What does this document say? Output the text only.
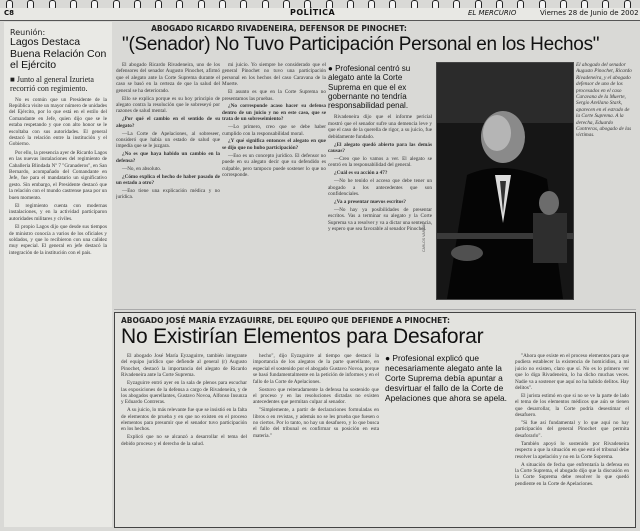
C8	POLÍTICA	EL MERCURIO	Viernes 28 de Junio de 2002
Reunión:
Lagos Destaca Buena Relación Con el Ejército
■ Junto al general Izurieta recorrió con regimiento.

No es común que un Presidente de la República visite un mayor número de unidades del Ejército, por lo que está en el estilo del Comandante en Jefe, quien dijo que se le estaba respetando y que con alto honor se le escoltaba con sus autoridades. El general destacó la relación entre la institución y el Gobierno.

Por ello, la presencia ayer de Ricardo Lagos en las nuevas instalaciones del regimiento de Caballería Blindada Nº 7 "Granaderos", en San Bernardo, acompañado del Comandante en Jefe, fue para el mandatario un significativo gesto. Sin embargo, el Presidente destacó que la relación con el mundo castrense pasa por un buen momento.

El regimiento cuenta con modernas instalaciones, y en la actividad participaron autoridades militares y civiles.

El propio Lagos dijo que desde sus tiempos de ministro conocía a varios de los oficiales y soldados, y que lo recibieron con una calidez muy especial. El general en jefe destacó la integración de la institución con el país.

ABOGADO RICARDO RIVADENEIRA, DEFENSOR DE PINOCHET:
"(Senador) No Tuvo Participación Personal en los Hechos"

El abogado Ricardo Rivadeneira, uno de los defensores del senador Augusto Pinochet, afirmó que el alegato ante la Corte Suprema durante el caso se basó en la certeza de que la salud del general se ha deteriorado.

Ello se explica porque es su hoy principio de alegato contra la resolución que le sobreseyó por razones de salud mental.

¿Por qué el cambio en el sentido de su alegato?

—La Corte de Apelaciones, al sobreseer, consideró que había un estado de salud que impedía que se le juzgara.

¿No es que haya habido un cambio en la defensa?

—No, en absoluto.

¿Cómo explica el hecho de haber pasado de un estado a otro?

—Eso tiene una explicación médica y no jurídica.

mi juicio. Yo siempre he considerado que el general Pinochet no tuvo una participación personal en los hechos del caso Caravana de la Muerte.

El asunto es que en la Corte Suprema no presentamos las pruebas.

¿No corresponde acaso hacer su defensa dentro de un juicio y no en este caso, que se trata de un sobreseimiento?

—Lo primero, creo que se debe haber cumplido con la responsabilidad moral.

¿Y qué significa entonces el alegato en que se dijo que no hubo participación?

—Eso es un concepto jurídico. El defensor no puede en su alegato decir que su defendido es culpable, pero tampoco puede sostener lo que no corresponde.

● Profesional centró su alegato ante la Corte Suprema en que el ex gobernante no tendría responsabilidad penal.

Rivadeneira dijo que el informe pericial mostró que el senador sufre una demencia leve y que el caso de la querella de rigor, a su juicio, fue debidamente fundado.

¿El alegato quedó abierto para las demás causas?

—Creo que lo vamos a ver. El alegato se centró en la responsabilidad del general.

¿Cuál es su acción a 47?

—No he tenido el acceso que debe tener un abogado a los antecedentes que son confidenciales.

¿Va a presentar nuevos escritos?

—No hay ya posibilidades de presentar escritos. Vas a terminar su alegato y la Corte Suprema va a resolver y va a dictar una sentencia, y espero que sea favorable al senador Pinochet.

El abogado del senador Augusto Pinochet, Ricardo Rivadeneira, y el abogado defensor de uno de los procesados en el caso Caravana de la Muerte, Sergio Arellano Stark, aparecen en el estrado de la Corte Suprema. A la derecha, Eduardo Contreras, abogado de las víctimas.
CARLOS VARGAS
ABOGADO JOSÉ MARÍA EYZAGUIRRE, DEL EQUIPO QUE DEFIENDE A PINOCHET:
No Existirían Elementos para Desaforar

El abogado José María Eyzaguirre, también integrante del equipo jurídico que defiende al general (r) Augusto Pinochet, destacó la importancia del alegato de Ricardo Rivadeneira ante la Corte Suprema.

Eyzaguirre entró ayer en la sala de plenos para escuchar las exposiciones de la defensa a cargo de Rivadeneira, y de los abogados querellantes, Gustavo Novoa, Alfonso Insunza y Eduardo Contreras.

A su juicio, lo más relevante fue que se insistió en la falta de elementos de prueba y en que no existen en el proceso elementos para presumir que el senador tuvo participación en los hechos.

Explicó que no se alcanzó a desarrollar el tema del debido proceso y el derecho de la salud.

hecho", dijo Eyzaguirre al tiempo que destacó la importancia de los alegatos de la parte querellante, en especial el sostenido por el abogado Gustavo Novoa, porque se basó fundamentalmente en la petición de informes y en el fallo de la Corte de Apelaciones.

Sostuvo que reiteradamente la defensa ha sostenido que el proceso y en las resoluciones dictadas no existen antecedentes que permitan culpar al senador.

"Simplemente, a partir de declaraciones formuladas en libros o en revistas, y además no se les prueba que fuesen o no ciertos. Por lo tanto, no hay un desafuero, y lo que busca el fallo del tribunal es confirmar su posición en esta materia."

● Profesional explicó que necesariamente alegato ante la Corte Suprema debía apuntar a desvirtuar el fallo de la Corte de Apelaciones que ahora se apela.

"Ahora que existe en el proceso elementos para que pudiera establecer la existencia de homicidios, a mi juicio no existen, claro que sí. No es lo primero ver que lo diga Rivadeneira, lo ha dicho muchas veces. Nadie va a sostener que aquí no ha habido delitos. Hay delitos".

El jurista estimó en que si no se ve la parte de lado el tema de los elementos médicos que aún se tienen que desarrollar, la Corte podría desestimar el desafuero.

"Si fue así fundamental y lo que aquí no hay participación del general Pinochet que permita desaforarlo".

También apoyó lo sostenido por Rivadeneira respecto a que la situación en que está el tribunal debe resolver la apelación y no en la Corte Suprema.

A situación de fecha que enfrentaría la defensa en la Corte Suprema, el abogado dijo que la discusión en la Corte Suprema debe resolver lo que quedó pendiente en la Corte de Apelaciones.
